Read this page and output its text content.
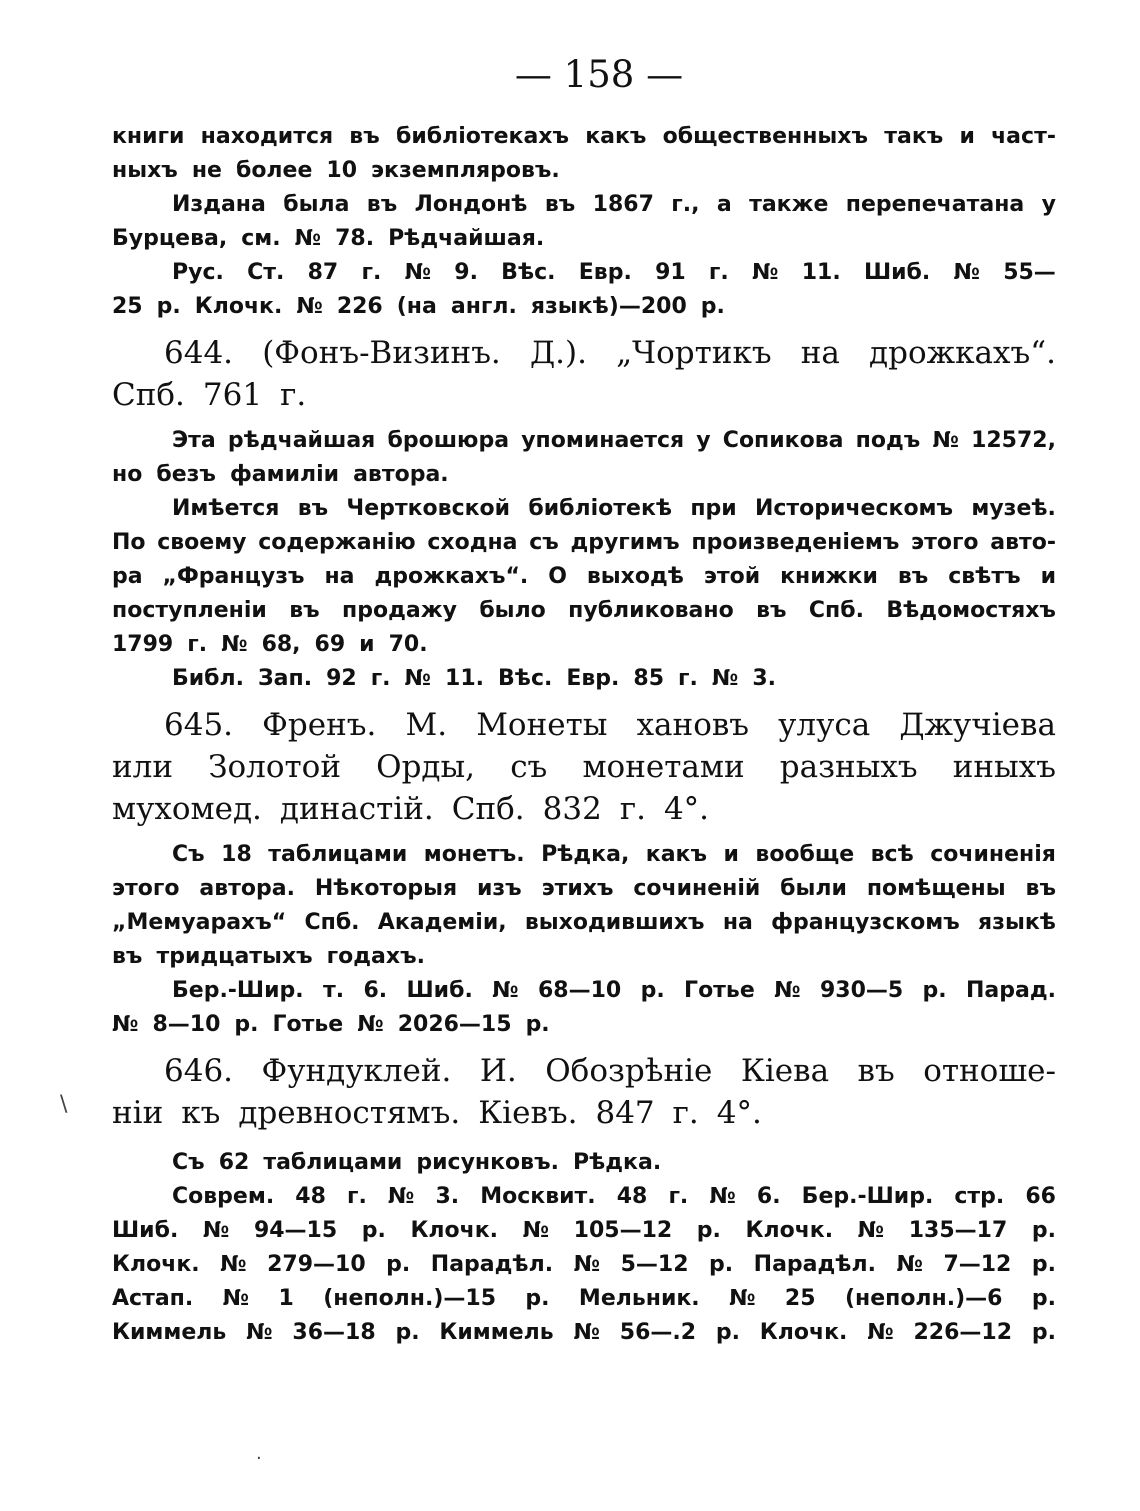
— 158 —
книги находится въ библіотекахъ какъ общественныхъ такъ и част-
ныхъ не более 10 экземпляровъ.
Издана была въ Лондонѣ въ 1867 г., а также перепечатана у
Бурцева, см. № 78. Рѣдчайшая.
Рус. Ст. 87 г. № 9. Вѣс. Евр. 91 г. № 11. Шиб. № 55—
25 р. Клочк. № 226 (на англ. языкѣ)—200 р.
644. (Фонъ-Визинъ. Д.). „Чортикъ на дрожкахъ“.
Спб. 761 г.
Эта рѣдчайшая брошюра упоминается у Сопикова подъ № 12572,
но безъ фамиліи автора.
Имѣется въ Чертковской библіотекѣ при Историческомъ музеѣ.
По своему содержанію сходна съ другимъ произведеніемъ этого авто-
ра „Французъ на дрожкахъ“. О выходѣ этой книжки въ свѣтъ и
поступленіи въ продажу было публиковано въ Спб. Вѣдомостяхъ
1799 г. № 68, 69 и 70.
Библ. Зап. 92 г. № 11. Вѣс. Евр. 85 г. № 3.
645. Френъ. М. Монеты хановъ улуса Джучіева
или Золотой Орды, съ монетами разныхъ иныхъ
мухомед. династій. Спб. 832 г. 4°.
Съ 18 таблицами монетъ. Рѣдка, какъ и вообще всѣ сочиненія
этого автора. Нѣкоторыя изъ этихъ сочиненій были помѣщены въ
„Мемуарахъ“ Спб. Академіи, выходившихъ на французскомъ языкѣ
въ тридцатыхъ годахъ.
Бер.-Шир. т. 6. Шиб. № 68—10 р. Готье № 930—5 р. Парад.
№ 8—10 р. Готье № 2026—15 р.
646. Фундуклей. И. Обозрѣніе Кіева въ отноше-
ніи къ древностямъ. Кіевъ. 847 г. 4°.
Съ 62 таблицами рисунковъ. Рѣдка.
Соврем. 48 г. № 3. Москвит. 48 г. № 6. Бер.-Шир. стр. 66
Шиб. № 94—15 р. Клочк. № 105—12 р. Клочк. № 135—17 р.
Клочк. № 279—10 р. Парадѣл. № 5—12 р. Парадѣл. № 7—12 р.
Астап. № 1 (неполн.)—15 р. Мельник. № 25 (неполн.)—6 р.
Киммель № 36—18 р. Киммель № 56—.2 р. Клочк. № 226—12 р.
\
·
